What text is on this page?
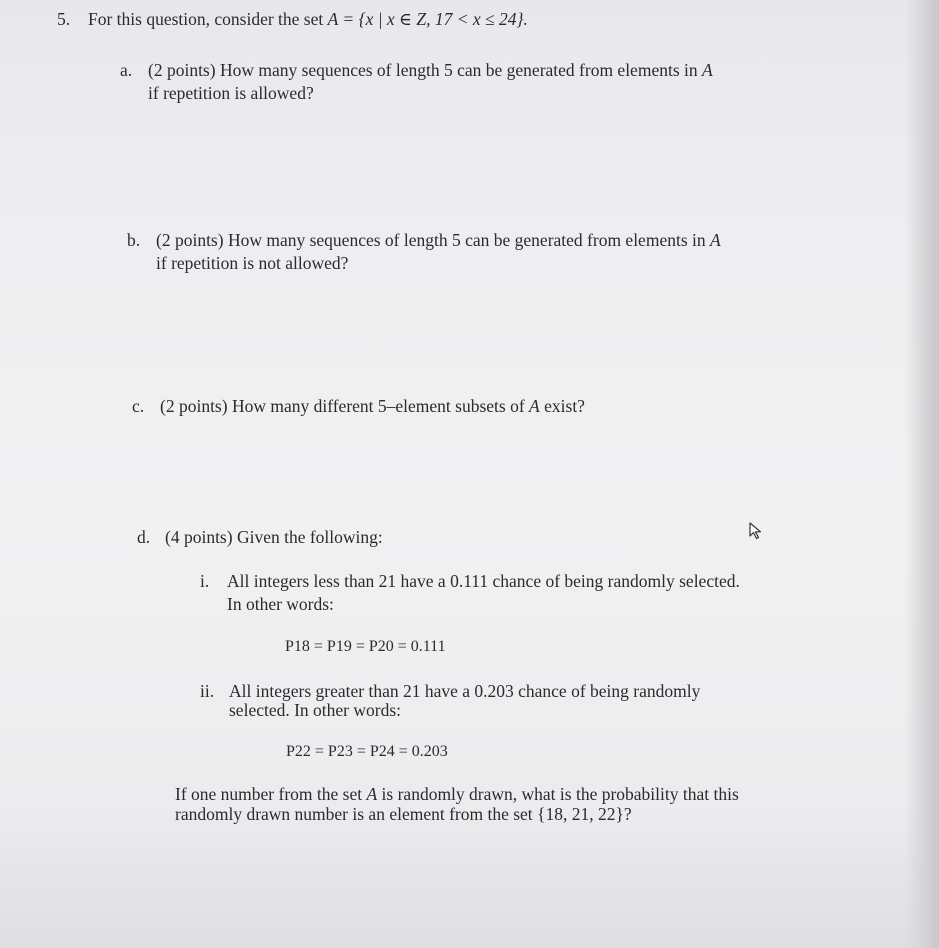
5. For this question, consider the set A = {x | x ∈ Z, 17 < x ≤ 24}.
a. (2 points) How many sequences of length 5 can be generated from elements in A
if repetition is allowed?
b. (2 points) How many sequences of length 5 can be generated from elements in A
if repetition is not allowed?
c. (2 points) How many different 5–element subsets of A exist?
d. (4 points) Given the following:
i. All integers less than 21 have a 0.111 chance of being randomly selected.
In other words:
P18 = P19 = P20 = 0.111
ii. All integers greater than 21 have a 0.203 chance of being randomly
selected. In other words:
P22 = P23 = P24 = 0.203
If one number from the set A is randomly drawn, what is the probability that this
randomly drawn number is an element from the set {18, 21, 22}?
